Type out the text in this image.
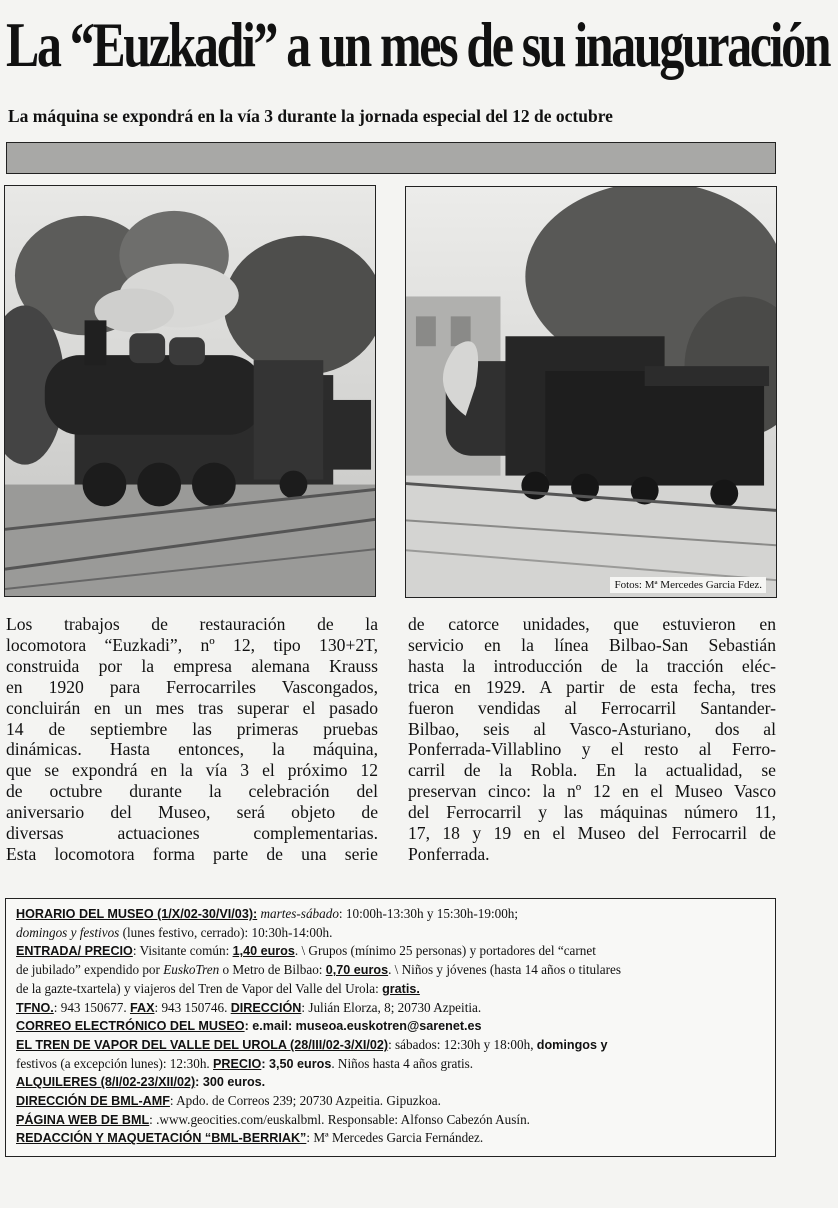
La “Euzkadi” a un mes de su inauguración
La máquina se expondrá en la vía 3 durante la jornada especial del 12 de octubre
Fotos: Mª Mercedes Garcia Fdez.
Los trabajos de restauración de la
locomotora “Euzkadi”, nº 12, tipo 130+2T,
construida por la empresa alemana Krauss
en 1920 para Ferrocarriles Vascongados,
concluirán en un mes tras superar el pasado
14 de septiembre las primeras pruebas
dinámicas. Hasta entonces, la máquina,
que se expondrá en la vía 3 el próximo 12
de octubre durante la celebración del
aniversario del Museo, será objeto de
diversas actuaciones complementarias.
Esta locomotora forma parte de una serie
de catorce unidades, que estuvieron en
servicio en la línea Bilbao-San Sebastián
hasta la introducción de la tracción eléc-
trica en 1929. A partir de esta fecha, tres
fueron vendidas al Ferrocarril Santander-
Bilbao, seis al Vasco-Asturiano, dos al
Ponferrada-Villablino y el resto al Ferro-
carril de la Robla. En la actualidad, se
preservan cinco: la nº 12 en el Museo Vasco
del Ferrocarril y las máquinas número 11,
17, 18 y 19 en el Museo del Ferrocarril de
Ponferrada.
HORARIO DEL MUSEO (1/X/02-30/VI/03): martes-sábado: 10:00h-13:30h y 15:30h-19:00h;
domingos y festivos (lunes festivo, cerrado): 10:30h-14:00h.
ENTRADA/ PRECIO: Visitante común: 1,40 euros. \ Grupos (mínimo 25 personas) y portadores del “carnet
de jubilado” expendido por EuskoTren o Metro de Bilbao: 0,70 euros. \ Niños y jóvenes (hasta 14 años o titulares
de la gazte-txartela) y viajeros del Tren de Vapor del Valle del Urola: gratis.
TFNO.: 943 150677. FAX: 943 150746. DIRECCIÓN: Julián Elorza, 8; 20730 Azpeitia.
CORREO ELECTRÓNICO DEL MUSEO: e.mail: museoa.euskotren@sarenet.es
EL TREN DE VAPOR DEL VALLE DEL UROLA (28/III/02-3/XI/02): sábados: 12:30h y 18:00h, domingos y
festivos (a excepción lunes): 12:30h. PRECIO: 3,50 euros. Niños hasta 4 años gratis.
ALQUILERES (8/I/02-23/XII/02): 300 euros.
DIRECCIÓN DE BML-AMF: Apdo. de Correos 239; 20730 Azpeitia. Gipuzkoa.
PÁGINA WEB DE BML: .www.geocities.com/euskalbml. Responsable: Alfonso Cabezón Ausín.
REDACCIÓN Y MAQUETACIÓN “BML-BERRIAK”: Mª Mercedes Garcia Fernández.
